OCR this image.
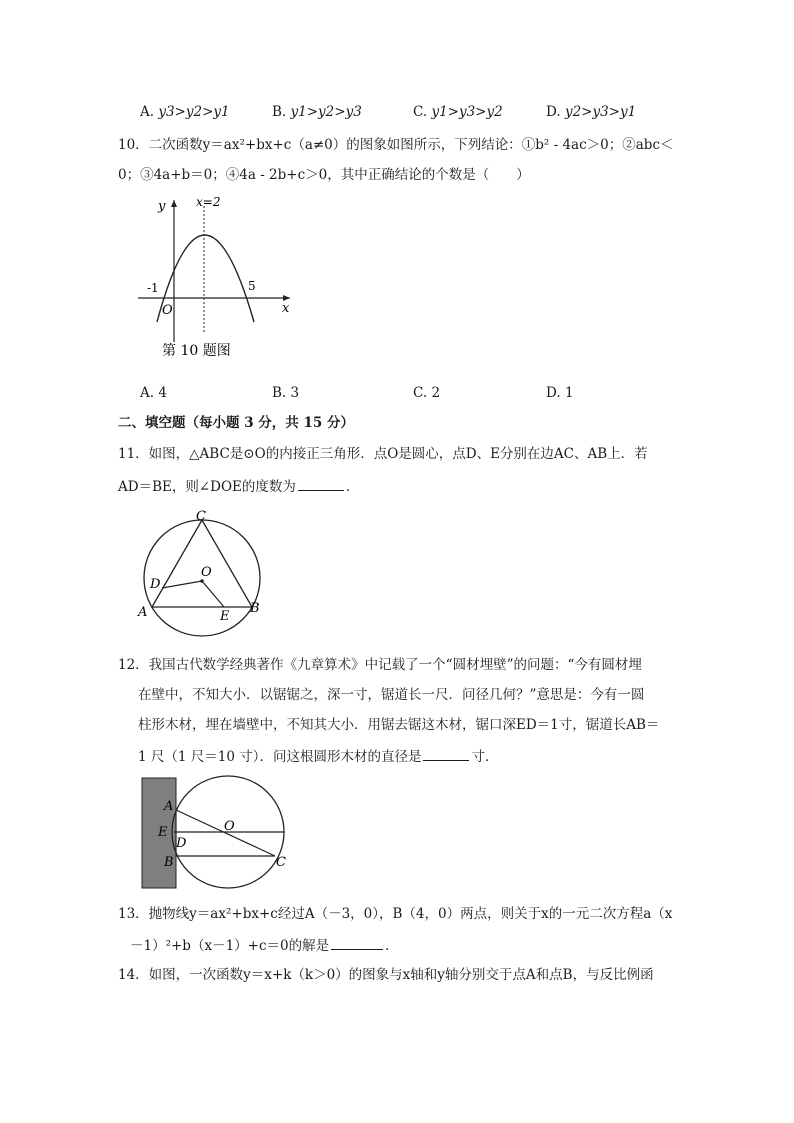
A. y3>y2>y1	B. y1>y2>y3	C. y1>y3>y2	D. y2>y3>y1
10．二次函数y＝ax²+bx+c（a≠0）的图象如图所示，下列结论：①b² - 4ac＞0；②abc＜
0；③4a+b＝0；④4a - 2b+c＞0，其中正确结论的个数是（　　）
y
x
x=2
O
-1	5
第 10 题图
A. 4	B. 3	C. 2	D. 1
二、填空题（每小题 3 分，共 15 分）
11．如图，△ABC是⊙O的内接正三角形．点O是圆心，点D、E分别在边AC、AB上．若
AD＝BE，则∠DOE的度数为	．
C
A	B
D
E
O
12．我国古代数学经典著作《九章算术》中记载了一个“圆材埋壁”的问题：“今有圆材埋
在壁中，不知大小．以锯锯之，深一寸，锯道长一尺．问径几何？”意思是：今有一圆
柱形木材，埋在墙壁中，不知其大小．用锯去锯这木材，锯口深ED＝1寸，锯道长AB＝
1 尺（1 尺＝10 寸）．问这根圆形木材的直径是	寸．
A
E
D
B
O
C
13．抛物线y＝ax²+bx+c经过A（－3，0），B（4，0）两点，则关于x的一元二次方程a（x
－1）²+b（x－1）+c＝0的解是	．
14．如图，一次函数y＝x+k（k＞0）的图象与x轴和y轴分别交于点A和点B，与反比例函
